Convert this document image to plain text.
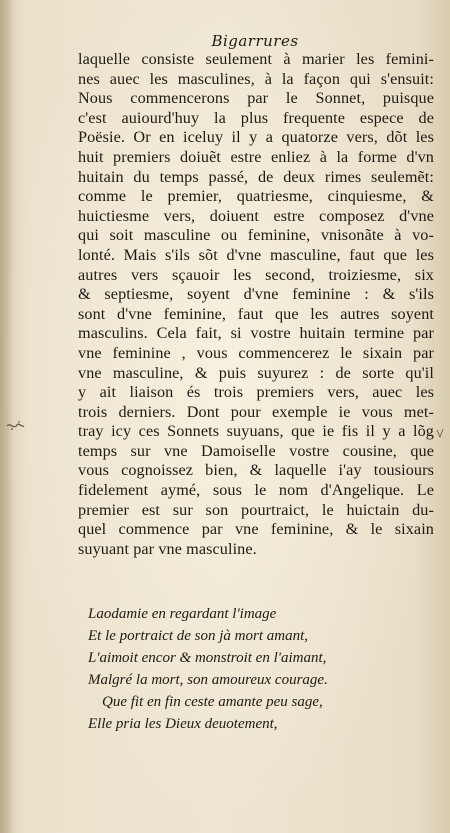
Bigarrures
laquelle consiste seulement à marier les femini-
nes auec les masculines, à la façon qui s'ensuit:
Nous commencerons par le Sonnet, puisque
c'est auiourd'huy la plus frequente espece de
Poësie. Or en iceluy il y a quatorze vers, dõt les
huit premiers doiuẽt estre enliez à la forme d'vn
huitain du temps passé, de deux rimes seulemẽt:
comme le premier, quatriesme, cinquiesme, &
huictiesme vers, doiuent estre composez d'vne
qui soit masculine ou feminine, vnisonãte à vo-
lonté. Mais s'ils sõt d'vne masculine, faut que les
autres vers sçauoir les second, troiziesme, six
& septiesme, soyent d'vne feminine : & s'ils
sont d'vne feminine, faut que les autres soyent
masculins. Cela fait, si vostre huitain termine par
vne feminine , vous commencerez le sixain par
vne masculine, & puis suyurez : de sorte qu'il
y ait liaison és trois premiers vers, auec les
trois derniers. Dont pour exemple ie vous met-
tray icy ces Sonnets suyuans, que ie fis il y a lõg
temps sur vne Damoiselle vostre cousine, que
vous cognoissez bien, & laquelle i'ay tousiours
fidelement aymé, sous le nom d'Angelique. Le
premier est sur son pourtraict, le huictain du-
quel commence par vne feminine, & le sixain
suyuant par vne masculine.
Laodamie en regardant l'image
Et le portraict de son jà mort amant,
L'aimoit encor & monstroit en l'aimant,
Malgré la mort, son amoureux courage.
Que fit en fin ceste amante peu sage,
Elle pria les Dieux deuotement,
